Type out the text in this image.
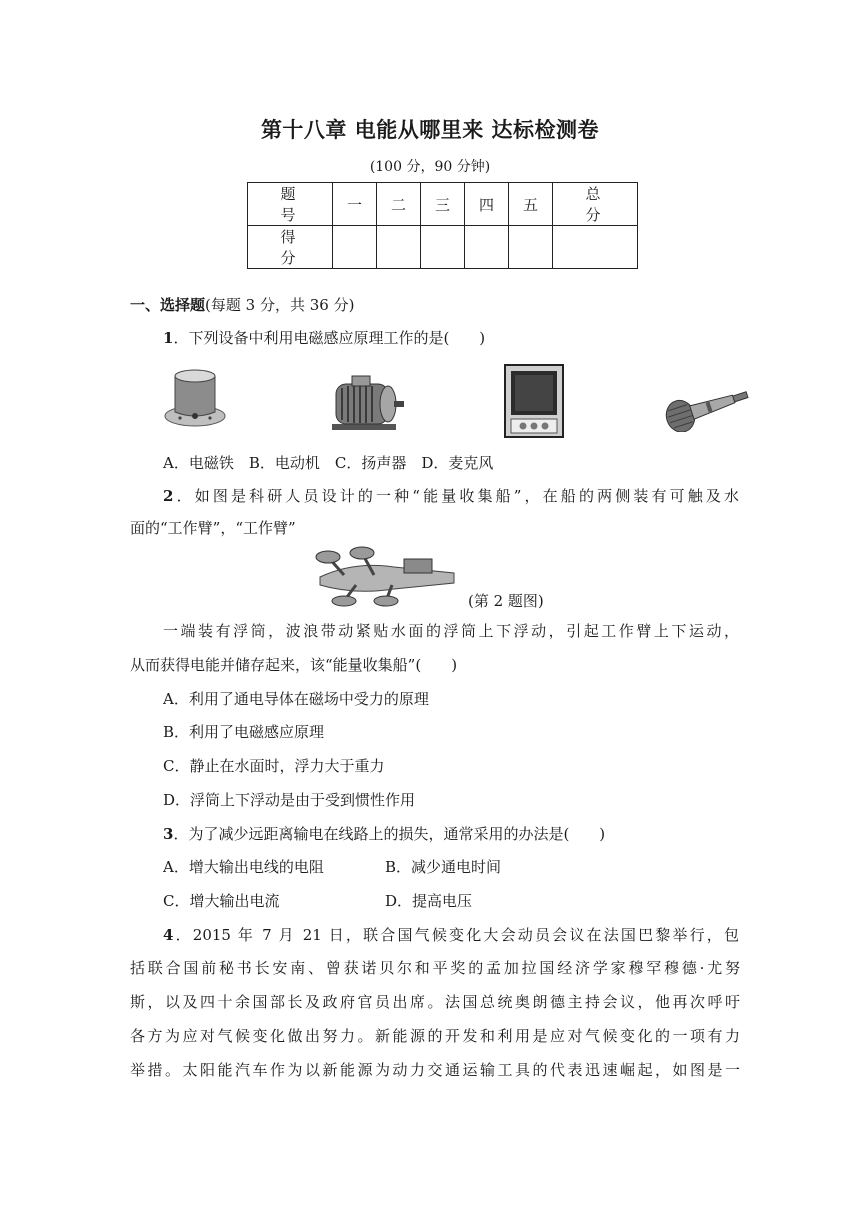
第十八章 电能从哪里来 达标检测卷
(100 分，90 分钟)
题 号	一	二	三	四	五	总 分
得 分						
一、选择题(每题 3 分，共 36 分)
1．下列设备中利用电磁感应原理工作的是(　　)
A．电磁铁　B．电动机　C．扬声器　D．麦克风
2．如图是科研人员设计的一种“能量收集船”，在船的两侧装有可触及水
面的“工作臂”，“工作臂”
(第 2 题图)
一端装有浮筒，波浪带动紧贴水面的浮筒上下浮动，引起工作臂上下运动，
从而获得电能并储存起来，该“能量收集船”(　　)
A．利用了通电导体在磁场中受力的原理
B．利用了电磁感应原理
C．静止在水面时，浮力大于重力
D．浮筒上下浮动是由于受到惯性作用
3．为了减少远距离输电在线路上的损失，通常采用的办法是(　　)
A．增大输出电线的电阻	B．减少通电时间
C．增大输出电流	D．提高电压
4．2015 年 7 月 21 日，联合国气候变化大会动员会议在法国巴黎举行，包
括联合国前秘书长安南、曾获诺贝尔和平奖的孟加拉国经济学家穆罕穆德·尤努
斯，以及四十余国部长及政府官员出席。法国总统奥朗德主持会议，他再次呼吁
各方为应对气候变化做出努力。新能源的开发和利用是应对气候变化的一项有力
举措。太阳能汽车作为以新能源为动力交通运输工具的代表迅速崛起，如图是一
